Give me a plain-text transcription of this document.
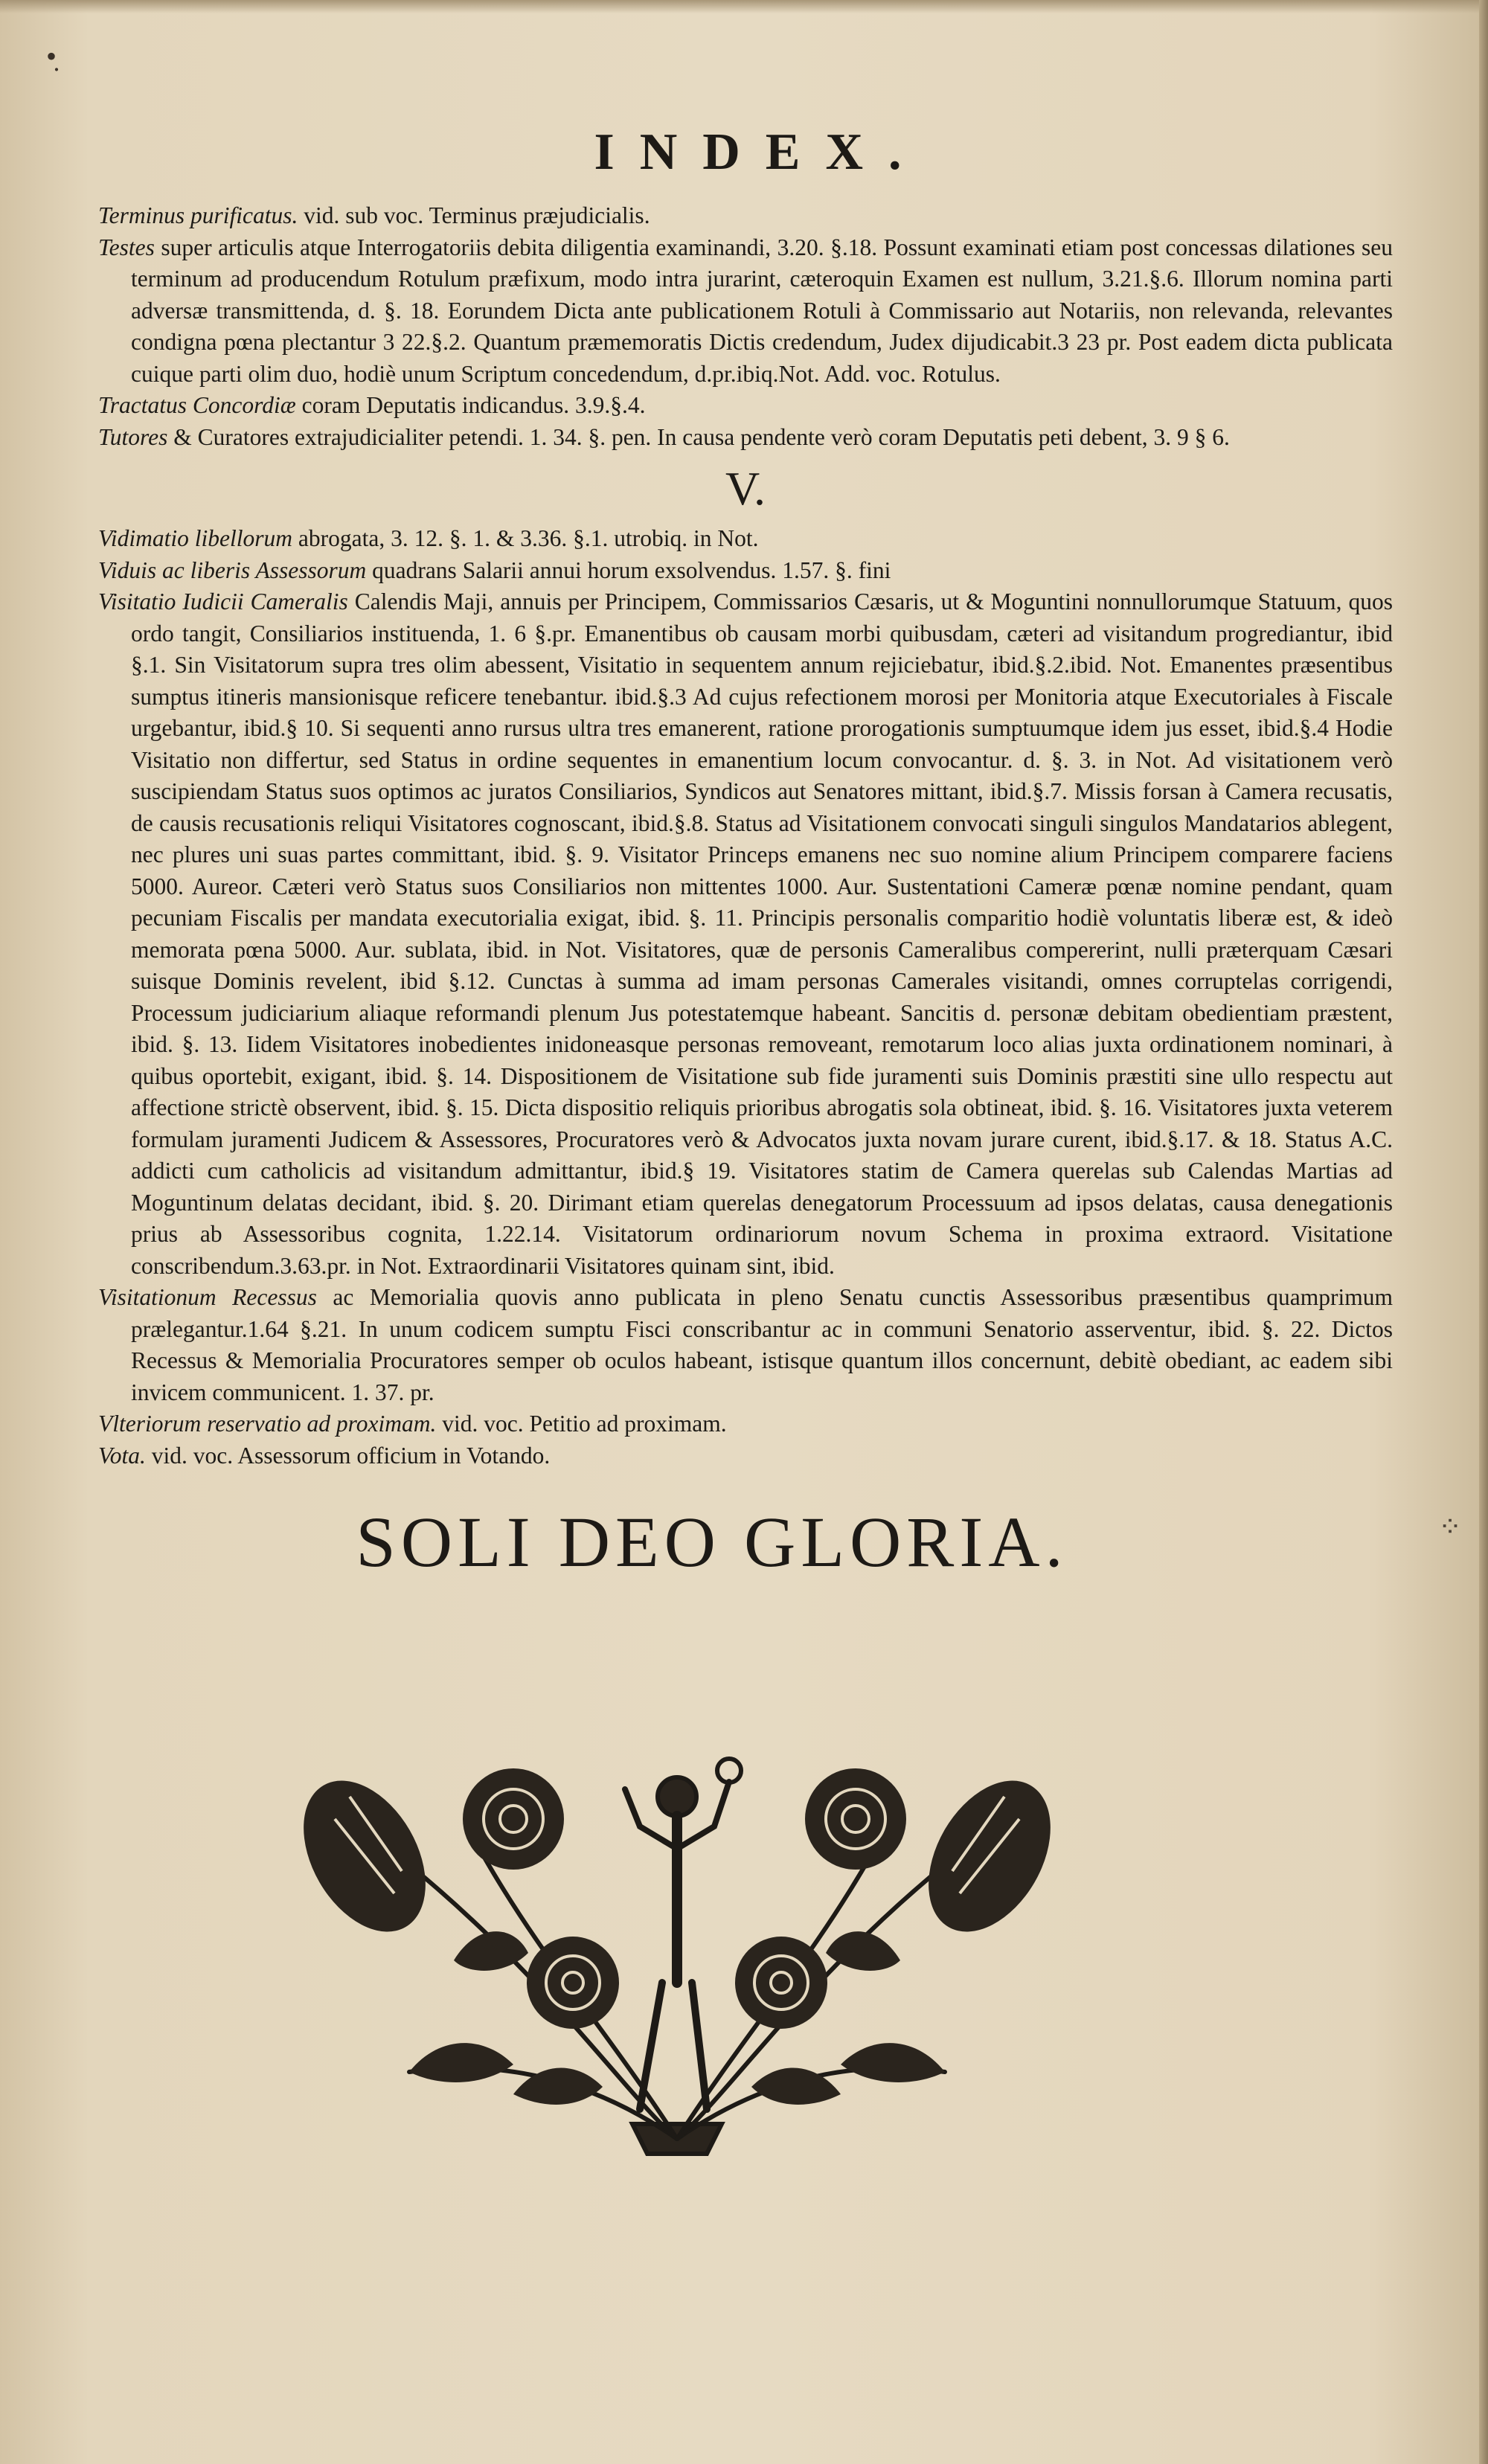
•̣
INDEX.

Terminus purificatus. vid. sub voc. Terminus præjudicialis.

Testes super articulis atque Interrogatoriis debita diligentia examinandi, 3.20. §.18. Possunt examinati etiam post concessas dilationes seu terminum ad producendum Rotulum præfixum, modo intra jurarint, cæteroquin Examen est nullum, 3.21.§.6. Illorum nomina parti adversæ transmittenda, d. §. 18. Eorundem Dicta ante publicationem Rotuli à Commissario aut Notariis, non relevanda, relevantes condigna pœna plectantur 3 22.§.2. Quantum præmemoratis Dictis credendum, Judex dijudicabit.3 23 pr. Post eadem dicta publicata cuique parti olim duo, hodiè unum Scriptum concedendum, d.pr.ibiq.Not. Add. voc. Rotulus.

Tractatus Concordiæ coram Deputatis indicandus. 3.9.§.4.

Tutores & Curatores extrajudicialiter petendi. 1. 34. §. pen. In causa pendente verò coram Deputatis peti debent, 3. 9 § 6.

V.

Vidimatio libellorum abrogata, 3. 12. §. 1. & 3.36. §.1. utrobiq. in Not.

Viduis ac liberis Assessorum quadrans Salarii annui horum exsolvendus. 1.57. §. fini

Visitatio Iudicii Cameralis Calendis Maji, annuis per Principem, Commissarios Cæsaris, ut & Moguntini nonnullorumque Statuum, quos ordo tangit, Consiliarios instituenda, 1. 6 §.pr. Emanentibus ob causam morbi quibusdam, cæteri ad visitandum progrediantur, ibid §.1. Sin Visitatorum supra tres olim abessent, Visitatio in sequentem annum rejiciebatur, ibid.§.2.ibid. Not. Emanentes præsentibus sumptus itineris mansionisque reficere tenebantur. ibid.§.3 Ad cujus refectionem morosi per Monitoria atque Executoriales à Fiscale urgebantur, ibid.§ 10. Si sequenti anno rursus ultra tres emanerent, ratione prorogationis sumptuumque idem jus esset, ibid.§.4 Hodie Visitatio non differtur, sed Status in ordine sequentes in emanentium locum convocantur. d. §. 3. in Not. Ad visitationem verò suscipiendam Status suos optimos ac juratos Consiliarios, Syndicos aut Senatores mittant, ibid.§.7. Missis forsan à Camera recusatis, de causis recusationis reliqui Visitatores cognoscant, ibid.§.8. Status ad Visitationem convocati singuli singulos Mandatarios ablegent, nec plures uni suas partes committant, ibid. §. 9. Visitator Princeps emanens nec suo nomine alium Principem comparere faciens 5000. Aureor. Cæteri verò Status suos Consiliarios non mittentes 1000. Aur. Sustentationi Cameræ pœnæ nomine pendant, quam pecuniam Fiscalis per mandata executorialia exigat, ibid. §. 11. Principis personalis comparitio hodiè voluntatis liberæ est, & ideò memorata pœna 5000. Aur. sublata, ibid. in Not. Visitatores, quæ de personis Cameralibus compererint, nulli præterquam Cæsari suisque Dominis revelent, ibid §.12. Cunctas à summa ad imam personas Camerales visitandi, omnes corruptelas corrigendi, Processum judiciarium aliaque reformandi plenum Jus potestatemque habeant. Sancitis d. personæ debitam obedientiam præstent, ibid. §. 13. Iidem Visitatores inobedientes inidoneasque personas removeant, remotarum loco alias juxta ordinationem nominari, à quibus oportebit, exigant, ibid. §. 14. Dispositionem de Visitatione sub fide juramenti suis Dominis præstiti sine ullo respectu aut affectione strictè observent, ibid. §. 15. Dicta dispositio reliquis prioribus abrogatis sola obtineat, ibid. §. 16. Visitatores juxta veterem formulam juramenti Judicem & Assessores, Procuratores verò & Advocatos juxta novam jurare curent, ibid.§.17. & 18. Status A.C. addicti cum catholicis ad visitandum admittantur, ibid.§ 19. Visitatores statim de Camera querelas sub Calendas Martias ad Moguntinum delatas decidant, ibid. §. 20. Dirimant etiam querelas denegatorum Processuum ad ipsos delatas, causa denegationis prius ab Assessoribus cognita, 1.22.14. Visitatorum ordinariorum novum Schema in proxima extraord. Visitatione conscribendum.3.63.pr. in Not. Extraordinarii Visitatores quinam sint, ibid.

Visitationum Recessus ac Memorialia quovis anno publicata in pleno Senatu cunctis Assessoribus præsentibus quamprimum prælegantur.1.64 §.21. In unum codicem sumptu Fisci conscribantur ac in communi Senatorio asserventur, ibid. §. 22. Dictos Recessus & Memorialia Procuratores semper ob oculos habeant, istisque quantum illos concernunt, debitè obediant, ac eadem sibi invicem communicent. 1. 37. pr.

Vlteriorum reservatio ad proximam. vid. voc. Petitio ad proximam.

Vota. vid. voc. Assessorum officium in Votando.

SOLI DEO GLORIA.	⁘
